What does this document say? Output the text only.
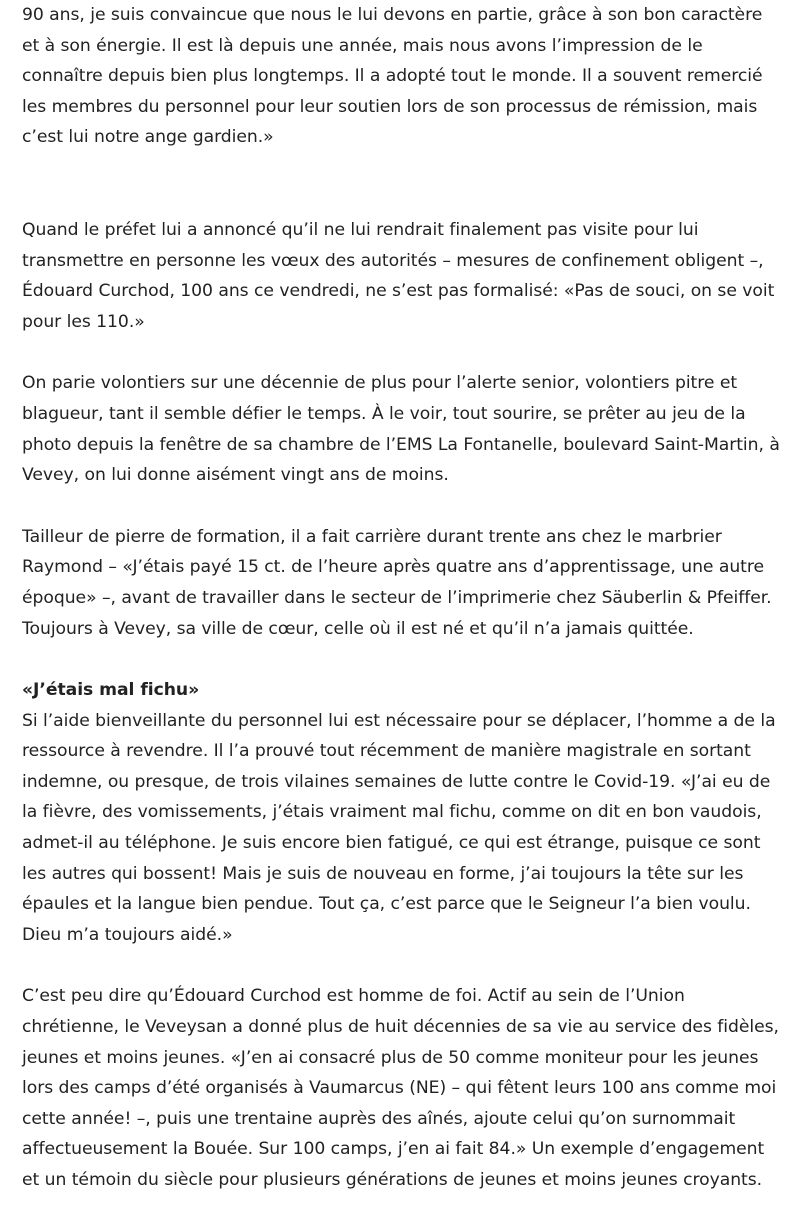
90 ans, je suis convaincue que nous le lui devons en partie, grâce à son bon caractère et à son énergie. Il est là depuis une année, mais nous avons l’impression de le connaître depuis bien plus longtemps. Il a adopté tout le monde. Il a souvent remercié les membres du personnel pour leur soutien lors de son processus de rémission, mais c’est lui notre ange gardien.»

Quand le préfet lui a annoncé qu’il ne lui rendrait finalement pas visite pour lui transmettre en personne les vœux des autorités – mesures de confinement obligent –, Édouard Curchod, 100 ans ce vendredi, ne s’est pas formalisé: «Pas de souci, on se voit pour les 110.»

On parie volontiers sur une décennie de plus pour l’alerte senior, volontiers pitre et blagueur, tant il semble défier le temps. À le voir, tout sourire, se prêter au jeu de la photo depuis la fenêtre de sa chambre de l’EMS La Fontanelle, boulevard Saint-Martin, à Vevey, on lui donne aisément vingt ans de moins.

Tailleur de pierre de formation, il a fait carrière durant trente ans chez le marbrier Raymond – «J’étais payé 15 ct. de l’heure après quatre ans d’apprentissage, une autre époque» –, avant de travailler dans le secteur de l’imprimerie chez Säuberlin & Pfeiffer. Toujours à Vevey, sa ville de cœur, celle où il est né et qu’il n’a jamais quittée.

«J’étais mal fichu»

Si l’aide bienveillante du personnel lui est nécessaire pour se déplacer, l’homme a de la ressource à revendre. Il l’a prouvé tout récemment de manière magistrale en sortant indemne, ou presque, de trois vilaines semaines de lutte contre le Covid-19. «J’ai eu de la fièvre, des vomissements, j’étais vraiment mal fichu, comme on dit en bon vaudois, admet-il au téléphone. Je suis encore bien fatigué, ce qui est étrange, puisque ce sont les autres qui bossent! Mais je suis de nouveau en forme, j’ai toujours la tête sur les épaules et la langue bien pendue. Tout ça, c’est parce que le Seigneur l’a bien voulu. Dieu m’a toujours aidé.»

C’est peu dire qu’Édouard Curchod est homme de foi. Actif au sein de l’Union chrétienne, le Veveysan a donné plus de huit décennies de sa vie au service des fidèles, jeunes et moins jeunes. «J’en ai consacré plus de 50 comme moniteur pour les jeunes lors des camps d’été organisés à Vaumarcus (NE) – qui fêtent leurs 100 ans comme moi cette année! –, puis une trentaine auprès des aînés, ajoute celui qu’on surnommait affectueusement la Bouée. Sur 100 camps, j’en ai fait 84.» Un exemple d’engagement et un témoin du siècle pour plusieurs générations de jeunes et moins jeunes croyants.
